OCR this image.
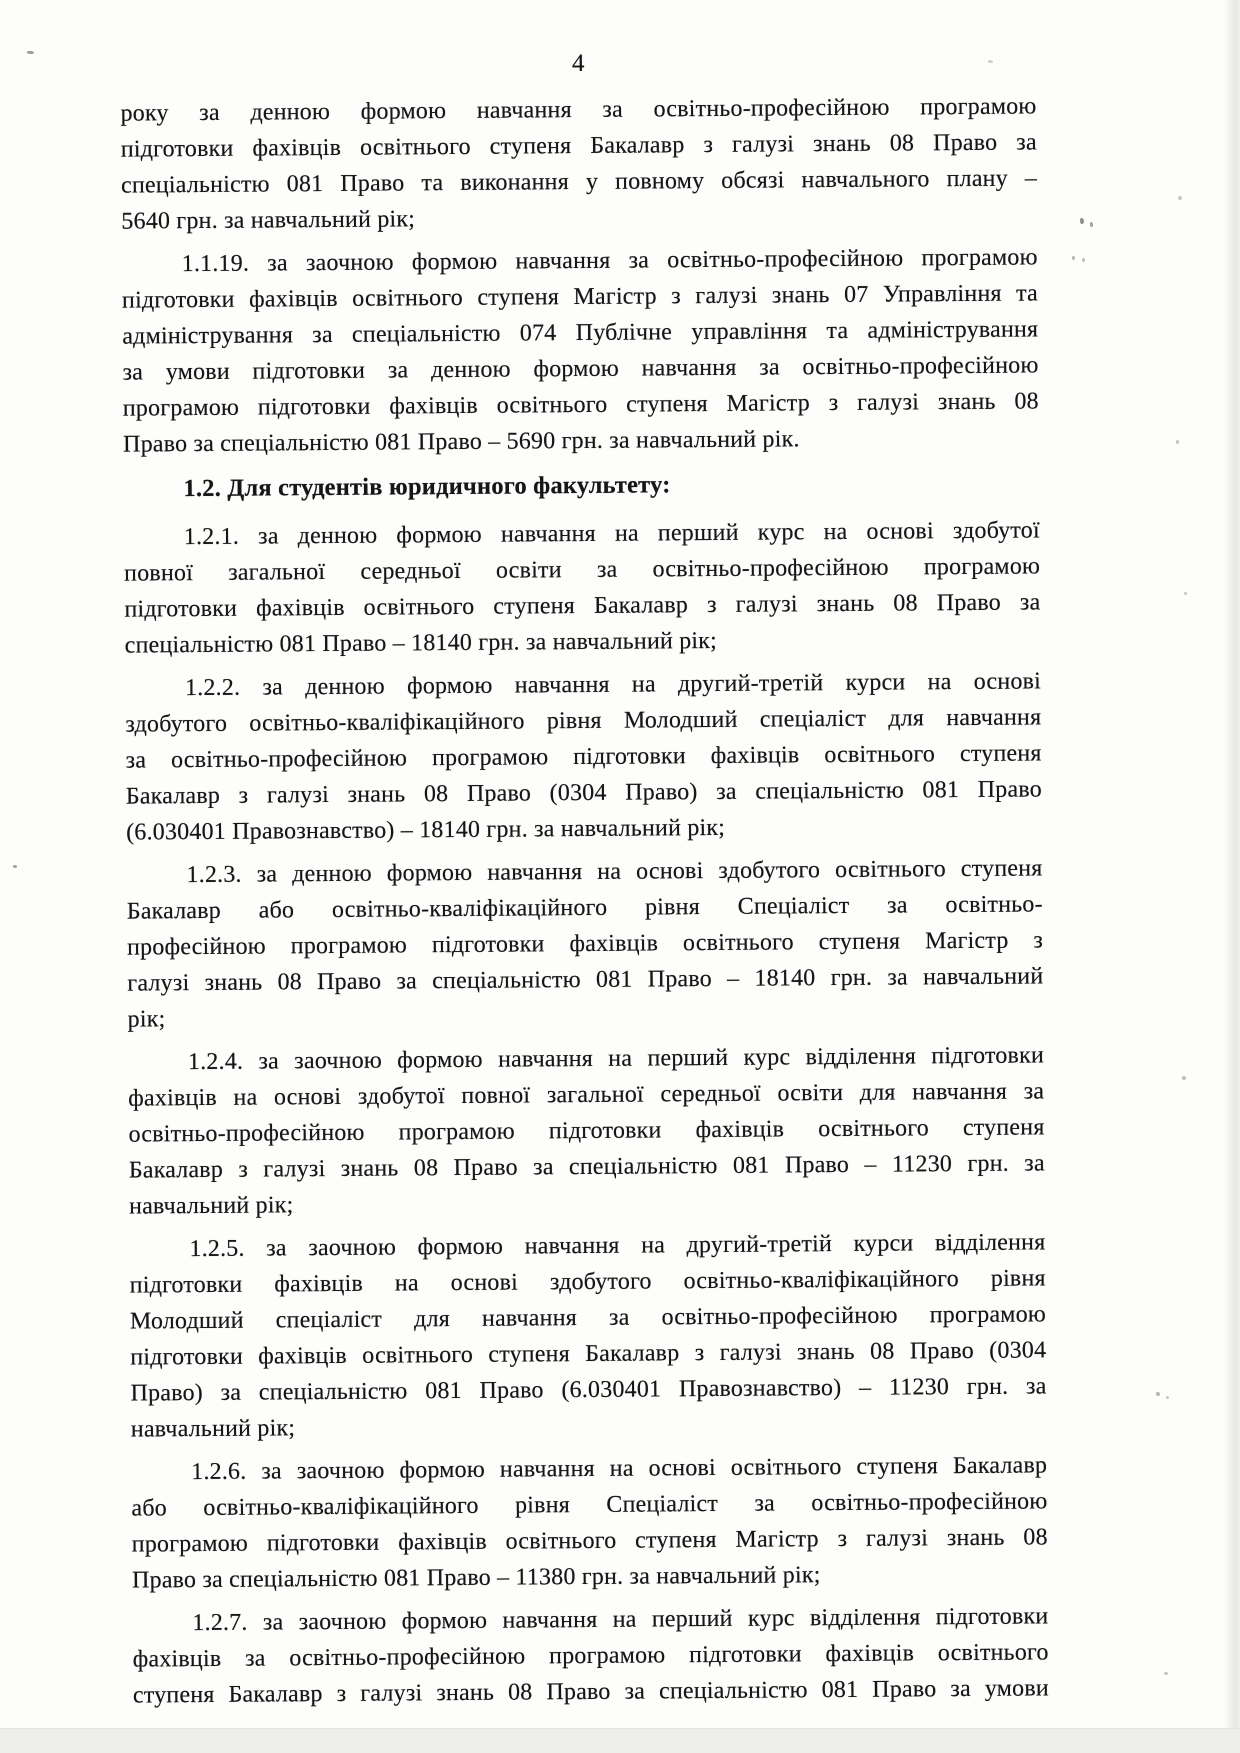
4
року за денною формою навчання за освітньо-професійною програмою
підготовки фахівців освітнього ступеня Бакалавр з галузі знань 08 Право за
спеціальністю 081 Право та виконання у повному обсязі навчального плану –
5640 грн. за навчальний рік;
1.1.19. за заочною формою навчання за освітньо-професійною програмою
підготовки фахівців освітнього ступеня Магістр з галузі знань 07 Управління та
адміністрування за спеціальністю 074 Публічне управління та адміністрування
за умови підготовки за денною формою навчання за освітньо-професійною
програмою підготовки фахівців освітнього ступеня Магістр з галузі знань 08
Право за спеціальністю 081 Право – 5690 грн. за навчальний рік.
1.2. Для студентів юридичного факультету:
1.2.1. за денною формою навчання на перший курс на основі здобутої
повної загальної середньої освіти за освітньо-професійною програмою
підготовки фахівців освітнього ступеня Бакалавр з галузі знань 08 Право за
спеціальністю 081 Право – 18140 грн. за навчальний рік;
1.2.2. за денною формою навчання на другий-третій курси на основі
здобутого освітньо-кваліфікаційного рівня Молодший спеціаліст для навчання
за освітньо-професійною програмою підготовки фахівців освітнього ступеня
Бакалавр з галузі знань 08 Право (0304 Право) за спеціальністю 081 Право
(6.030401 Правознавство) – 18140 грн. за навчальний рік;
1.2.3. за денною формою навчання на основі здобутого освітнього ступеня
Бакалавр або освітньо-кваліфікаційного рівня Спеціаліст за освітньо-
професійною програмою підготовки фахівців освітнього ступеня Магістр з
галузі знань 08 Право за спеціальністю 081 Право – 18140 грн. за навчальний
рік;
1.2.4. за заочною формою навчання на перший курс відділення підготовки
фахівців на основі здобутої повної загальної середньої освіти для навчання за
освітньо-професійною програмою підготовки фахівців освітнього ступеня
Бакалавр з галузі знань 08 Право за спеціальністю 081 Право – 11230 грн. за
навчальний рік;
1.2.5. за заочною формою навчання на другий-третій курси відділення
підготовки фахівців на основі здобутого освітньо-кваліфікаційного рівня
Молодший спеціаліст для навчання за освітньо-професійною програмою
підготовки фахівців освітнього ступеня Бакалавр з галузі знань 08 Право (0304
Право) за спеціальністю 081 Право (6.030401 Правознавство) – 11230 грн. за
навчальний рік;
1.2.6. за заочною формою навчання на основі освітнього ступеня Бакалавр
або освітньо-кваліфікаційного рівня Спеціаліст за освітньо-професійною
програмою підготовки фахівців освітнього ступеня Магістр з галузі знань 08
Право за спеціальністю 081 Право – 11380 грн. за навчальний рік;
1.2.7. за заочною формою навчання на перший курс відділення підготовки
фахівців за освітньо-професійною програмою підготовки фахівців освітнього
ступеня Бакалавр з галузі знань 08 Право за спеціальністю 081 Право за умови
